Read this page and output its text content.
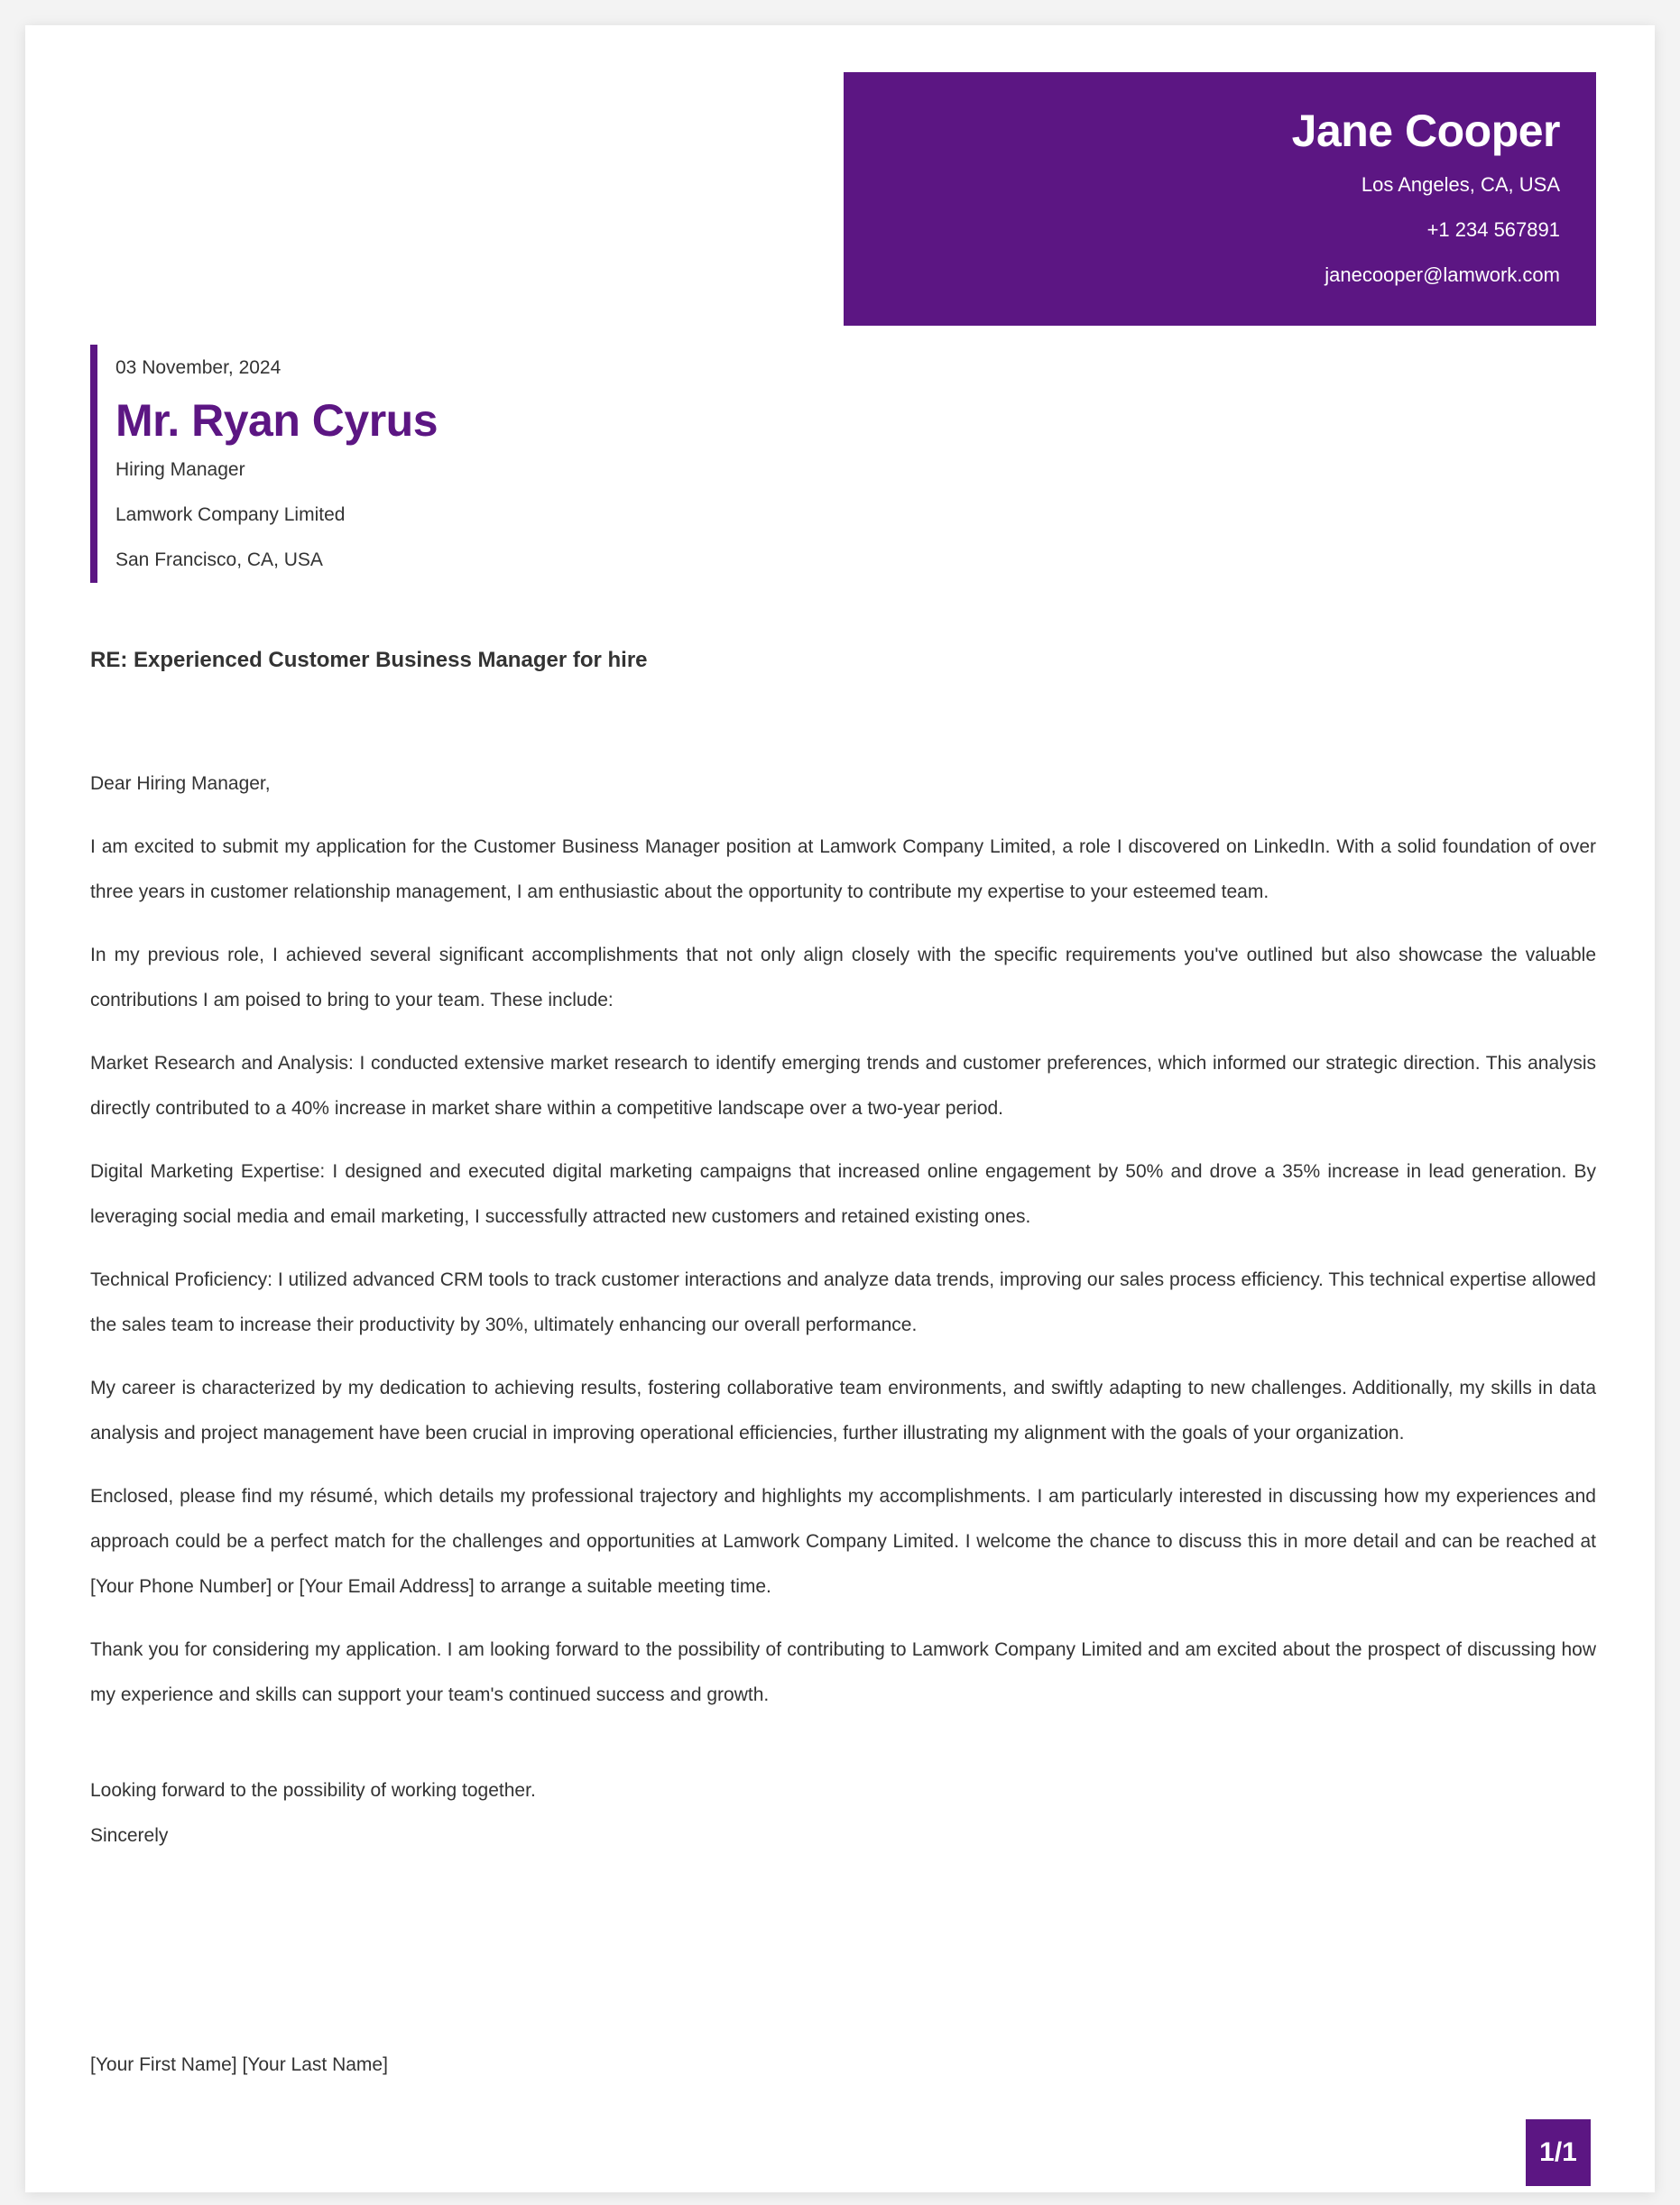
Jane Cooper
Los Angeles, CA, USA
+1 234 567891
janecooper@lamwork.com
03 November, 2024
Mr. Ryan Cyrus
Hiring Manager
Lamwork Company Limited
San Francisco, CA, USA
RE: Experienced Customer Business Manager for hire

Dear Hiring Manager,

I am excited to submit my application for the Customer Business Manager position at Lamwork Company Limited, a role I discovered on LinkedIn. With a solid foundation of over three years in customer relationship management, I am enthusiastic about the opportunity to contribute my expertise to your esteemed team.

In my previous role, I achieved several significant accomplishments that not only align closely with the specific requirements you've outlined but also showcase the valuable contributions I am poised to bring to your team. These include:

Market Research and Analysis: I conducted extensive market research to identify emerging trends and customer preferences, which informed our strategic direction. This analysis directly contributed to a 40% increase in market share within a competitive landscape over a two-year period.

Digital Marketing Expertise: I designed and executed digital marketing campaigns that increased online engagement by 50% and drove a 35% increase in lead generation. By leveraging social media and email marketing, I successfully attracted new customers and retained existing ones.

Technical Proficiency: I utilized advanced CRM tools to track customer interactions and analyze data trends, improving our sales process efficiency. This technical expertise allowed the sales team to increase their productivity by 30%, ultimately enhancing our overall performance.

My career is characterized by my dedication to achieving results, fostering collaborative team environments, and swiftly adapting to new challenges. Additionally, my skills in data analysis and project management have been crucial in improving operational efficiencies, further illustrating my alignment with the goals of your organization.

Enclosed, please find my résumé, which details my professional trajectory and highlights my accomplishments. I am particularly interested in discussing how my experiences and approach could be a perfect match for the challenges and opportunities at Lamwork Company Limited. I welcome the chance to discuss this in more detail and can be reached at [Your Phone Number] or [Your Email Address] to arrange a suitable meeting time.

Thank you for considering my application. I am looking forward to the possibility of contributing to Lamwork Company Limited and am excited about the prospect of discussing how my experience and skills can support your team's continued success and growth.

Looking forward to the possibility of working together.
Sincerely
[Your First Name] [Your Last Name]
1/1
